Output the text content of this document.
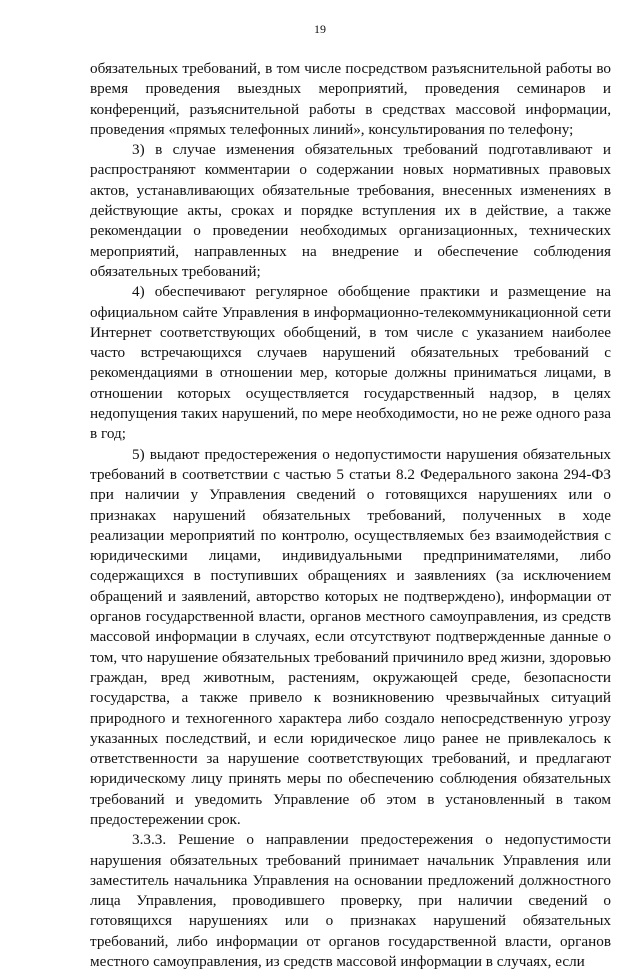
19

обязательных требований, в том числе посредством разъяснительной работы во время проведения выездных мероприятий, проведения семинаров и конференций, разъяснительной работы в средствах массовой информации, проведения «прямых телефонных линий», консультирования по телефону;

3) в случае изменения обязательных требований подготавливают и распространяют комментарии о содержании новых нормативных правовых актов, устанавливающих обязательные требования, внесенных изменениях в действующие акты, сроках и порядке вступления их в действие, а также рекомендации о проведении необходимых организационных, технических мероприятий, направленных на внедрение и обеспечение соблюдения обязательных требований;

4) обеспечивают регулярное обобщение практики и размещение на официальном сайте Управления в информационно-телекоммуникационной сети Интернет соответствующих обобщений, в том числе с указанием наиболее часто встречающихся случаев нарушений обязательных требований с рекомендациями в отношении мер, которые должны приниматься лицами, в отношении которых осуществляется государственный надзор, в целях недопущения таких нарушений, по мере необходимости, но не реже одного раза в год;

5) выдают предостережения о недопустимости нарушения обязательных требований в соответствии с частью 5 статьи 8.2 Федерального закона 294-ФЗ при наличии у Управления сведений о готовящихся нарушениях или о признаках нарушений обязательных требований, полученных в ходе реализации мероприятий по контролю, осуществляемых без взаимодействия с юридическими лицами, индивидуальными предпринимателями, либо содержащихся в поступивших обращениях и заявлениях (за исключением обращений и заявлений, авторство которых не подтверждено), информации от органов государственной власти, органов местного самоуправления, из средств массовой информации в случаях, если отсутствуют подтвержденные данные о том, что нарушение обязательных требований причинило вред жизни, здоровью граждан, вред животным, растениям, окружающей среде, безопасности государства, а также привело к возникновению чрезвычайных ситуаций природного и техногенного характера либо создало непосредственную угрозу указанных последствий, и если юридическое лицо ранее не привлекалось к ответственности за нарушение соответствующих требований, и предлагают юридическому лицу принять меры по обеспечению соблюдения обязательных требований и уведомить Управление об этом в установленный в таком предостережении срок.

3.3.3. Решение о направлении предостережения о недопустимости нарушения обязательных требований принимает начальник Управления или заместитель начальника Управления на основании предложений должностного лица Управления, проводившего проверку, при наличии сведений о готовящихся нарушениях или о признаках нарушений обязательных требований, либо информации от органов государственной власти, органов местного самоуправления, из средств массовой информации в случаях, если
